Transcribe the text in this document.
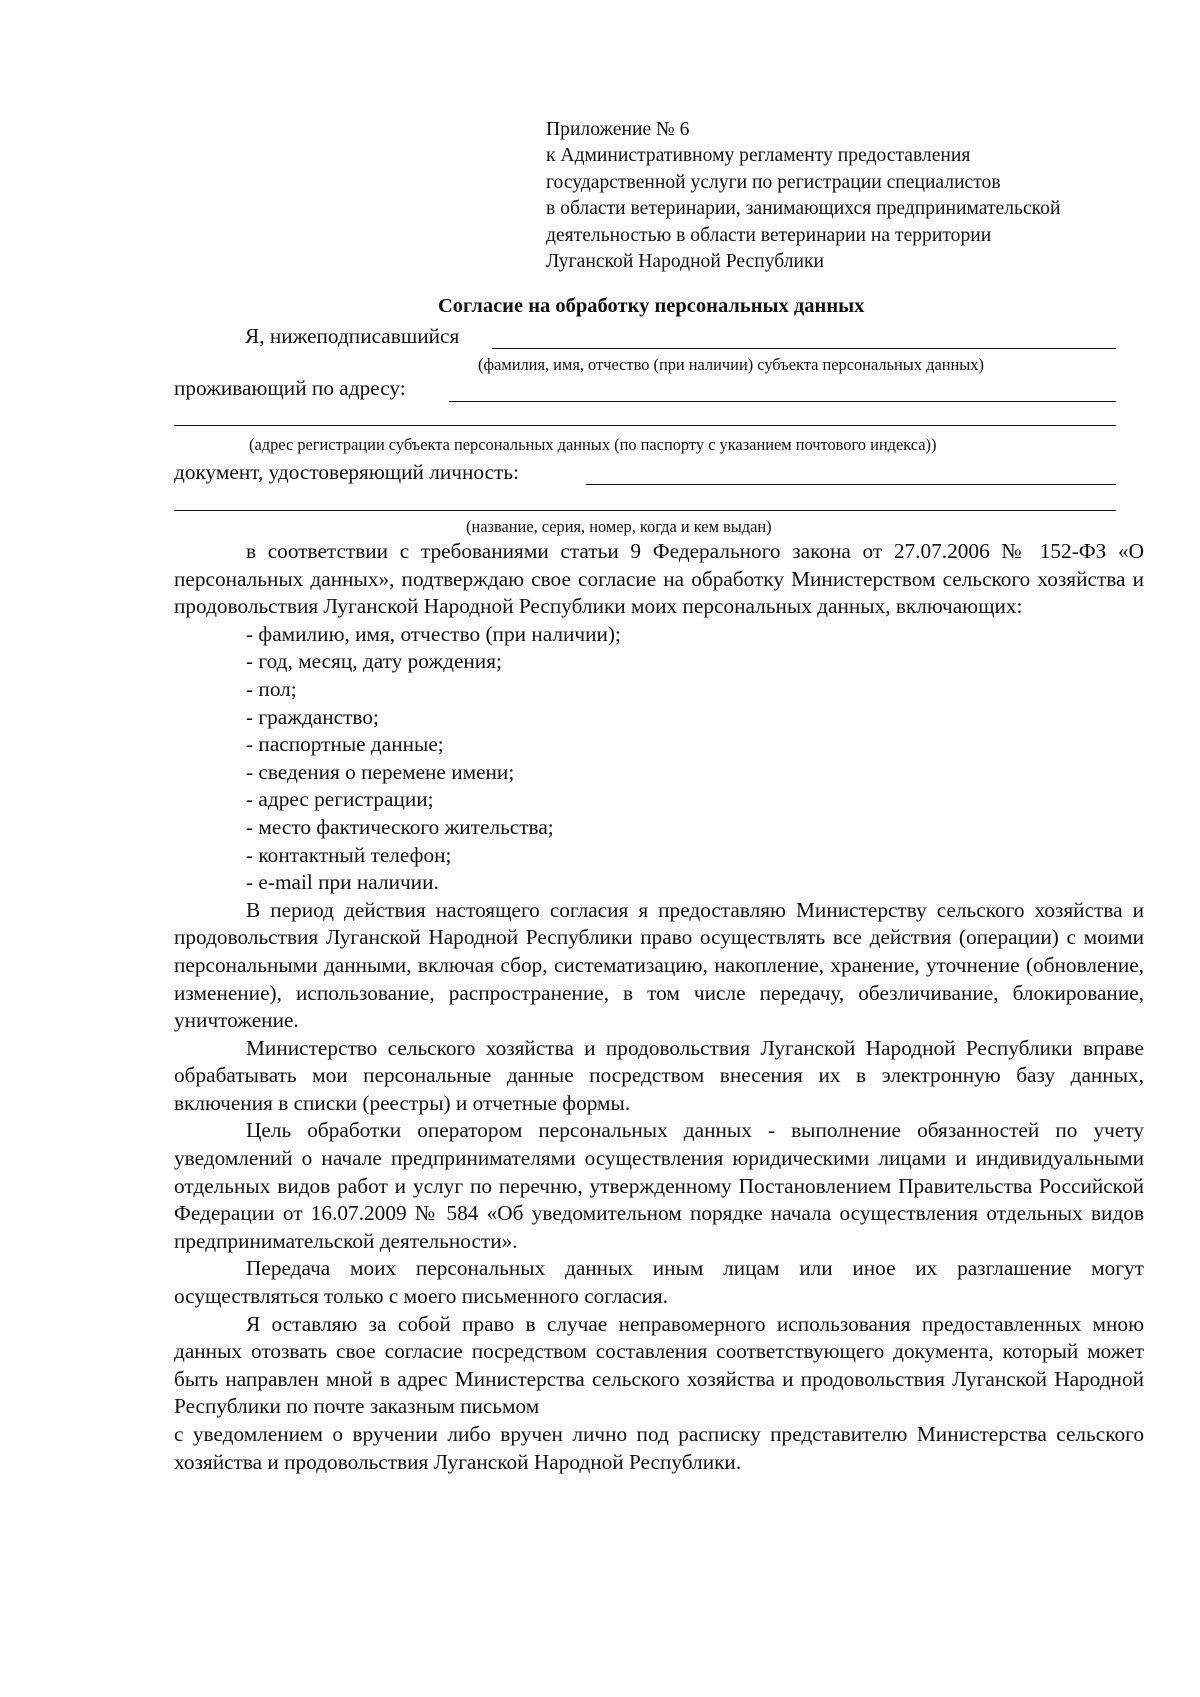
Приложение № 6
к Административному регламенту предоставления
государственной услуги по регистрации специалистов
в области ветеринарии, занимающихся предпринимательской
деятельностью в области ветеринарии на территории
Луганской Народной Республики
Согласие на обработку персональных данных
Я, нижеподписавшийся
(фамилия, имя, отчество (при наличии) субъекта персональных данных)
проживающий по адресу:
(адрес регистрации субъекта персональных данных (по паспорту с указанием почтового индекса))
документ, удостоверяющий личность:
(название, серия, номер, когда и кем выдан)
в соответствии с требованиями статьи 9 Федерального закона от 27.07.2006 № 152-ФЗ «О персональных данных», подтверждаю свое согласие на обработку Министерством сельского хозяйства и продовольствия Луганской Народной Республики моих персональных данных, включающих:
- фамилию, имя, отчество (при наличии);
- год, месяц, дату рождения;
- пол;
- гражданство;
- паспортные данные;
- сведения о перемене имени;
- адрес регистрации;
- место фактического жительства;
- контактный телефон;
- e-mail при наличии.
В период действия настоящего согласия я предоставляю Министерству сельского хозяйства и продовольствия Луганской Народной Республики право осуществлять все действия (операции) с моими персональными данными, включая сбор, систематизацию, накопление, хранение, уточнение (обновление, изменение), использование, распространение, в том числе передачу, обезличивание, блокирование, уничтожение.
Министерство сельского хозяйства и продовольствия Луганской Народной Республики вправе обрабатывать мои персональные данные посредством внесения их в электронную базу данных, включения в списки (реестры) и отчетные формы.
Цель обработки оператором персональных данных - выполнение обязанностей по учету уведомлений о начале предпринимателями осуществления юридическими лицами и индивидуальными отдельных видов работ и услуг по перечню, утвержденному Постановлением Правительства Российской Федерации от 16.07.2009 № 584 «Об уведомительном порядке начала осуществления отдельных видов предпринимательской деятельности».
Передача моих персональных данных иным лицам или иное их разглашение могут осуществляться только с моего письменного согласия.
Я оставляю за собой право в случае неправомерного использования предоставленных мною данных отозвать свое согласие посредством составления соответствующего документа, который может быть направлен мной в адрес Министерства сельского хозяйства и продовольствия Луганской Народной Республики по почте заказным письмом
с уведомлением о вручении либо вручен лично под расписку представителю Министерства сельского хозяйства и продовольствия Луганской Народной Республики.
